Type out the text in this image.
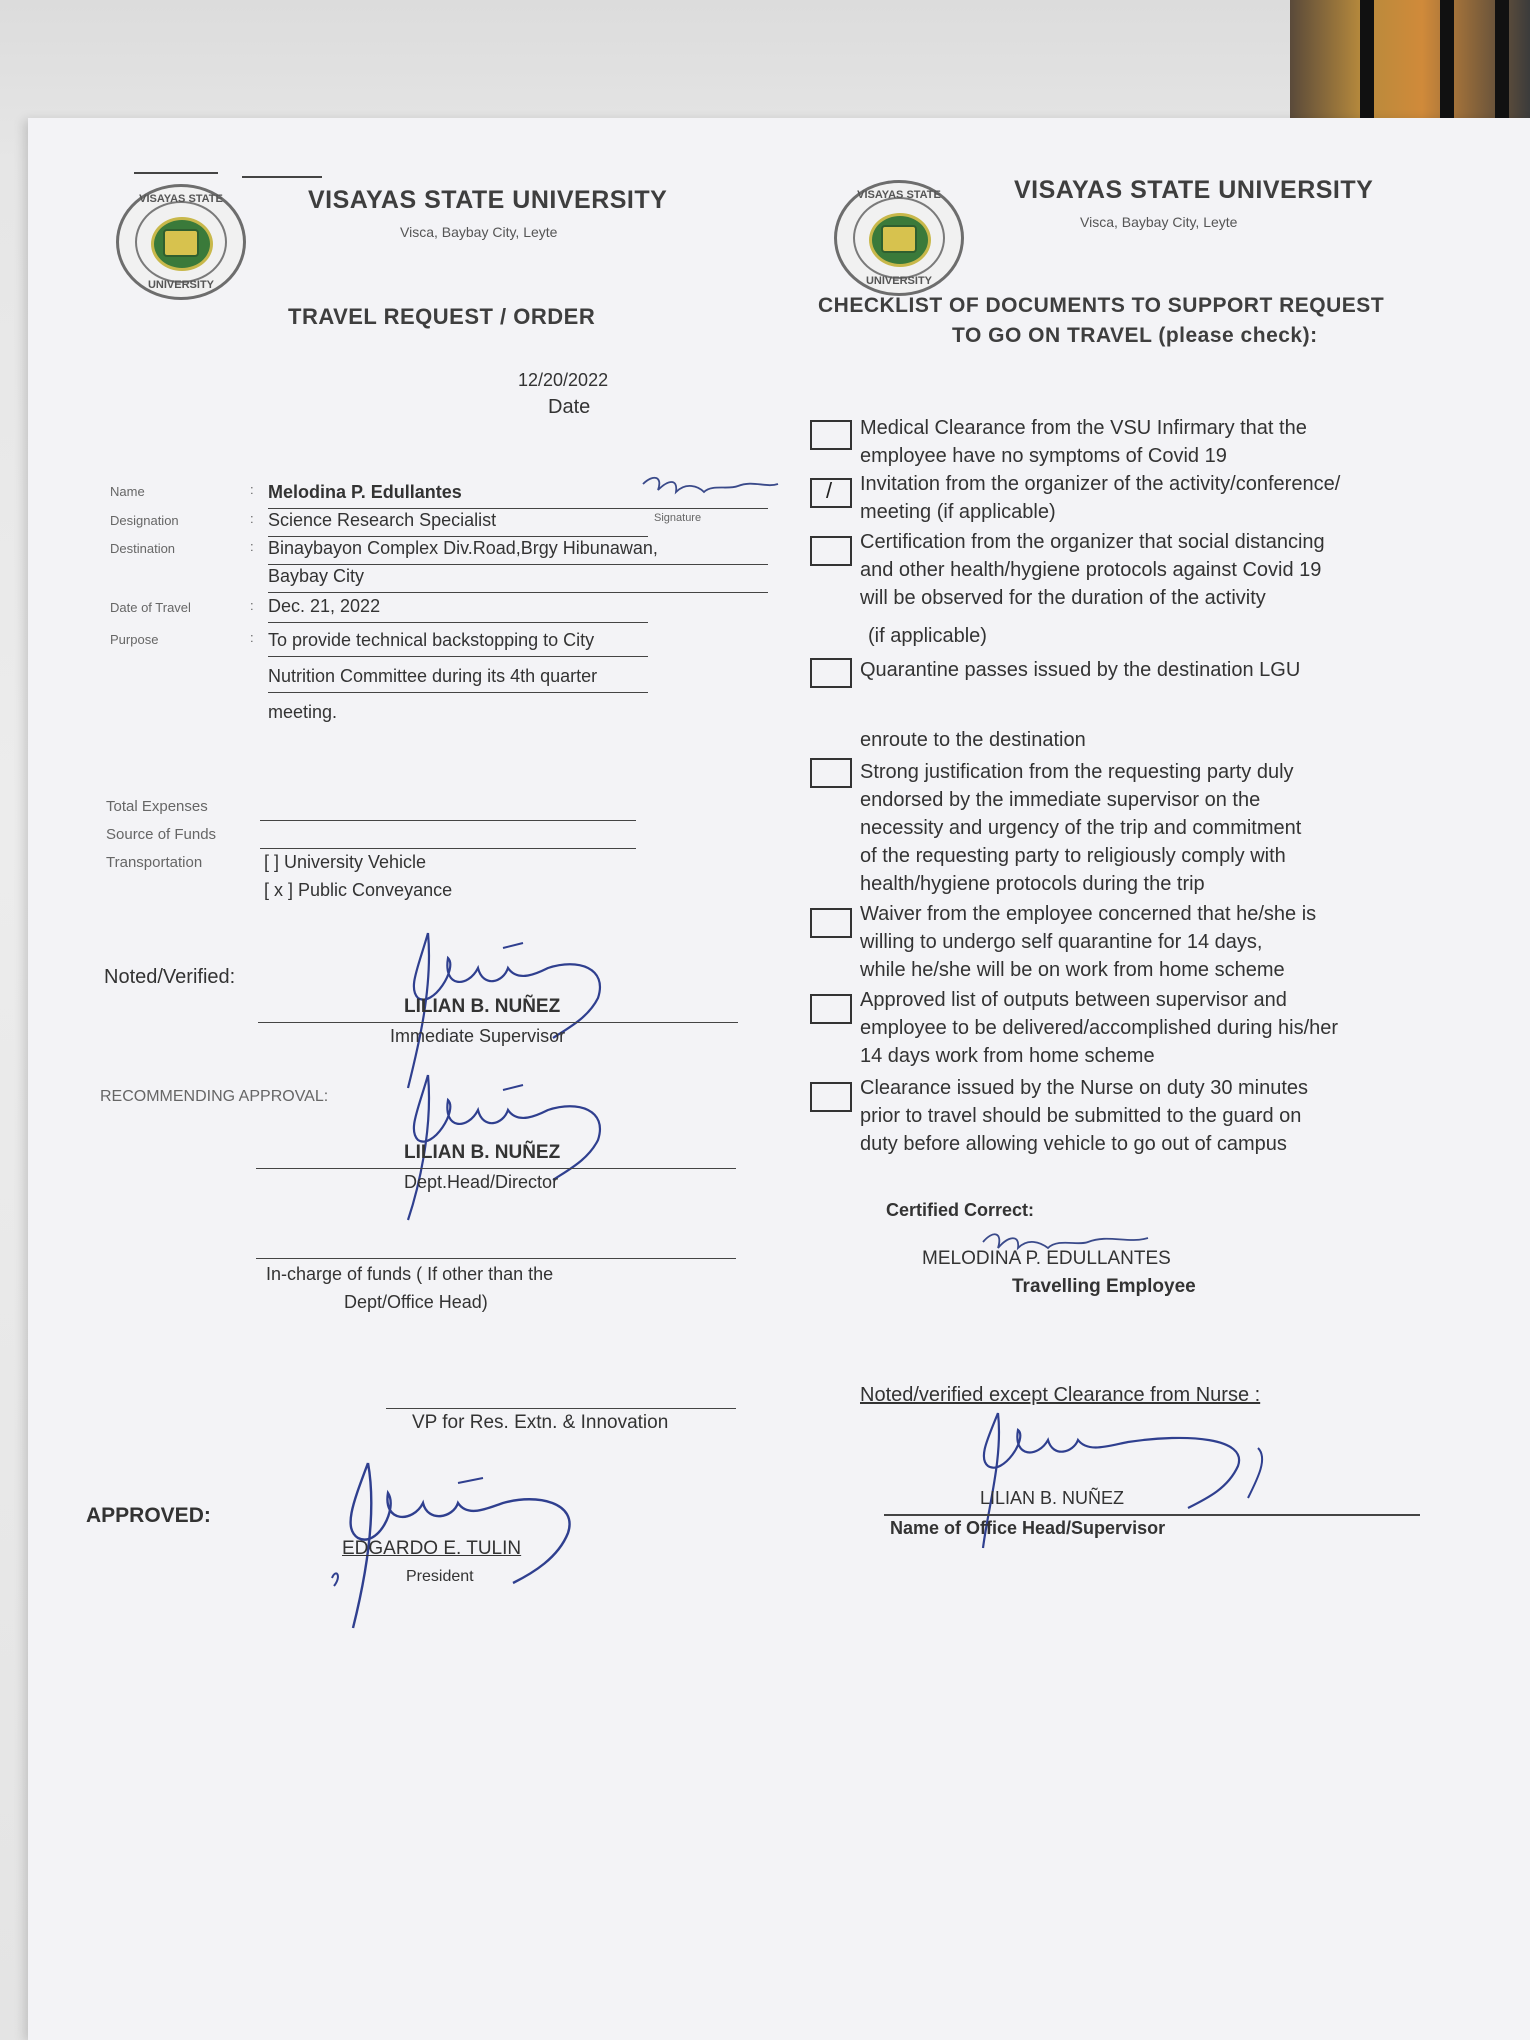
VISAYAS STATE
UNIVERSITY
VISAYAS STATE UNIVERSITY
Visca, Baybay City, Leyte
TRAVEL REQUEST / ORDER
12/20/2022
Date
Name	: Melodina P. Edullantes
Signature
Designation	: Science Research Specialist
Destination	: Binaybayon Complex Div.Road,Brgy Hibunawan,
Baybay City
Date of Travel	: Dec. 21, 2022
Purpose	: To provide technical backstopping to City
Nutrition Committee during its 4th quarter
meeting.
Total Expenses
Source of Funds
Transportation	[ ] University Vehicle
[ x ] Public Conveyance
Noted/Verified:
LILIAN B. NUÑEZ
Immediate Supervisor
RECOMMENDING APPROVAL:
LILIAN B. NUÑEZ
Dept.Head/Director
In-charge of funds ( If other than the
Dept/Office Head)
VP for Res. Extn. & Innovation
APPROVED:
EDGARDO E. TULIN
President
VISAYAS STATE
UNIVERSITY
VISAYAS STATE UNIVERSITY
Visca, Baybay City, Leyte
CHECKLIST OF DOCUMENTS TO SUPPORT REQUEST
TO GO ON TRAVEL (please check):
Medical Clearance from the VSU Infirmary that the
employee have no symptoms of Covid 19
/ Invitation from the organizer of the activity/conference/
meeting (if applicable)
Certification from the organizer that social distancing
and other health/hygiene protocols against Covid 19
will be observed for the duration of the activity
(if applicable)
Quarantine passes issued by the destination LGU
enroute to the destination
Strong justification from the requesting party duly
endorsed by the immediate supervisor on the
necessity and urgency of the trip and commitment
of the requesting party to religiously comply with
health/hygiene protocols during the trip
Waiver from the employee concerned that he/she is
willing to undergo self quarantine for 14 days,
while he/she will be on work from home scheme
Approved list of outputs between supervisor and
employee to be delivered/accomplished during his/her
14 days work from home scheme
Clearance issued by the Nurse on duty 30 minutes
prior to travel should be submitted to the guard on
duty before allowing vehicle to go out of campus
Certified Correct:
MELODINA P. EDULLANTES
Travelling Employee
Noted/verified except Clearance from Nurse :
LILIAN B. NUÑEZ
Name of Office Head/Supervisor
